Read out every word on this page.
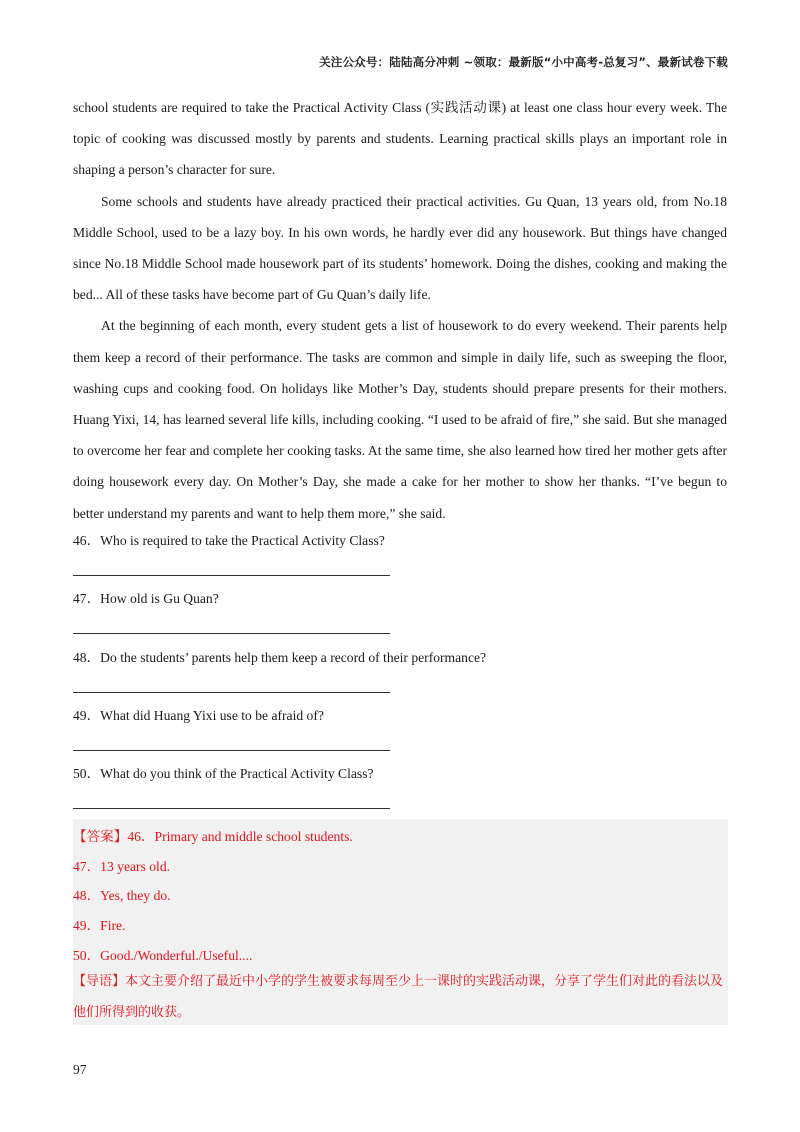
关注公众号：陆陆高分冲刺 ~领取：最新版“小中高考-总复习”、最新试卷下载

school students are required to take the Practical Activity Class (实践活动课) at least one class hour every week. The topic of cooking was discussed mostly by parents and students. Learning practical skills plays an important role in shaping a person’s character for sure.

Some schools and students have already practiced their practical activities. Gu Quan, 13 years old, from No.18 Middle School, used to be a lazy boy. In his own words, he hardly ever did any housework. But things have changed since No.18 Middle School made housework part of its students’ homework. Doing the dishes, cooking and making the bed... All of these tasks have become part of Gu Quan’s daily life.

At the beginning of each month, every student gets a list of housework to do every weekend. Their parents help them keep a record of their performance. The tasks are common and simple in daily life, such as sweeping the floor, washing cups and cooking food. On holidays like Mother’s Day, students should prepare presents for their mothers. Huang Yixi, 14, has learned several life kills, including cooking. “I used to be afraid of fire,” she said. But she managed to overcome her fear and complete her cooking tasks. At the same time, she also learned how tired her mother gets after doing housework every day. On Mother’s Day, she made a cake for her mother to show her thanks. “I’ve begun to better understand my parents and want to help them more,” she said.

46．Who is required to take the Practical Activity Class?
47．How old is Gu Quan?
48．Do the students’ parents help them keep a record of their performance?
49．What did Huang Yixi use to be afraid of?
50．What do you think of the Practical Activity Class?
【答案】46．Primary and middle school students.
47．13 years old.
48．Yes, they do.
49．Fire.
50．Good./Wonderful./Useful....
【导语】本文主要介绍了最近中小学的学生被要求每周至少上一课时的实践活动课，分享了学生们对此的看法以及他们所得到的收获。
97
